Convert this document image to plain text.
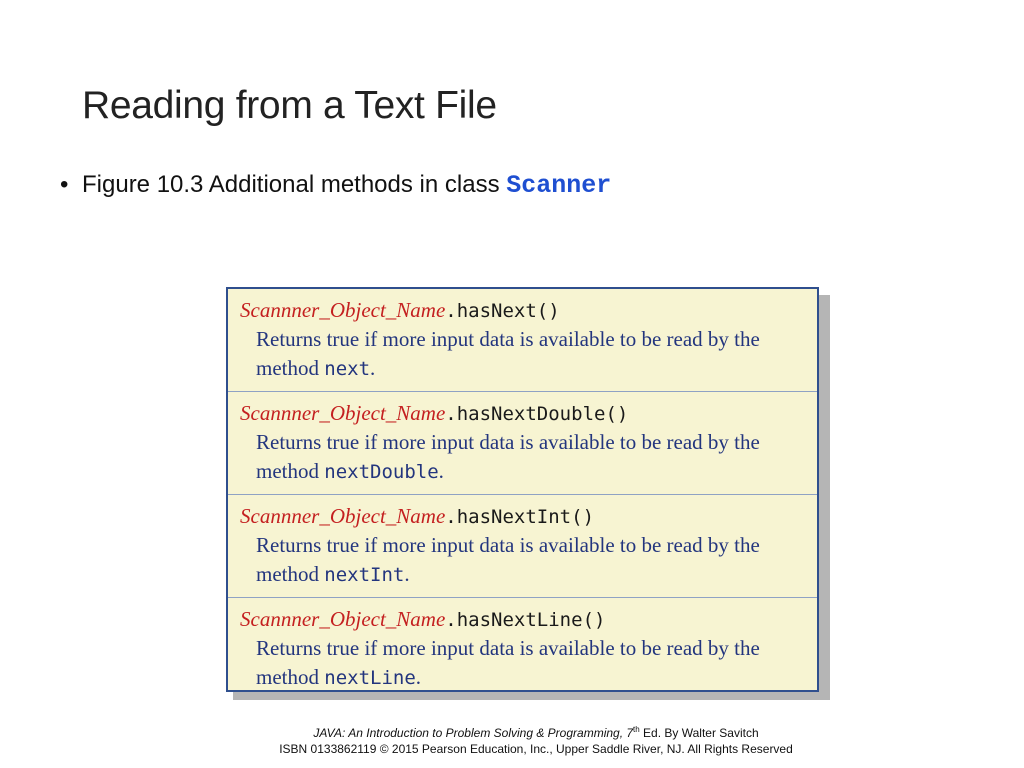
Reading from a Text File
• Figure 10.3 Additional methods in class Scanner
Scannner_Object_Name.hasNext()
Returns true if more input data is available to be read by the
method next.
Scannner_Object_Name.hasNextDouble()
Returns true if more input data is available to be read by the
method nextDouble.
Scannner_Object_Name.hasNextInt()
Returns true if more input data is available to be read by the
method nextInt.
Scannner_Object_Name.hasNextLine()
Returns true if more input data is available to be read by the
method nextLine.
JAVA: An Introduction to Problem Solving & Programming, 7th Ed. By Walter Savitch
ISBN 0133862119 © 2015 Pearson Education, Inc., Upper Saddle River, NJ. All Rights Reserved
